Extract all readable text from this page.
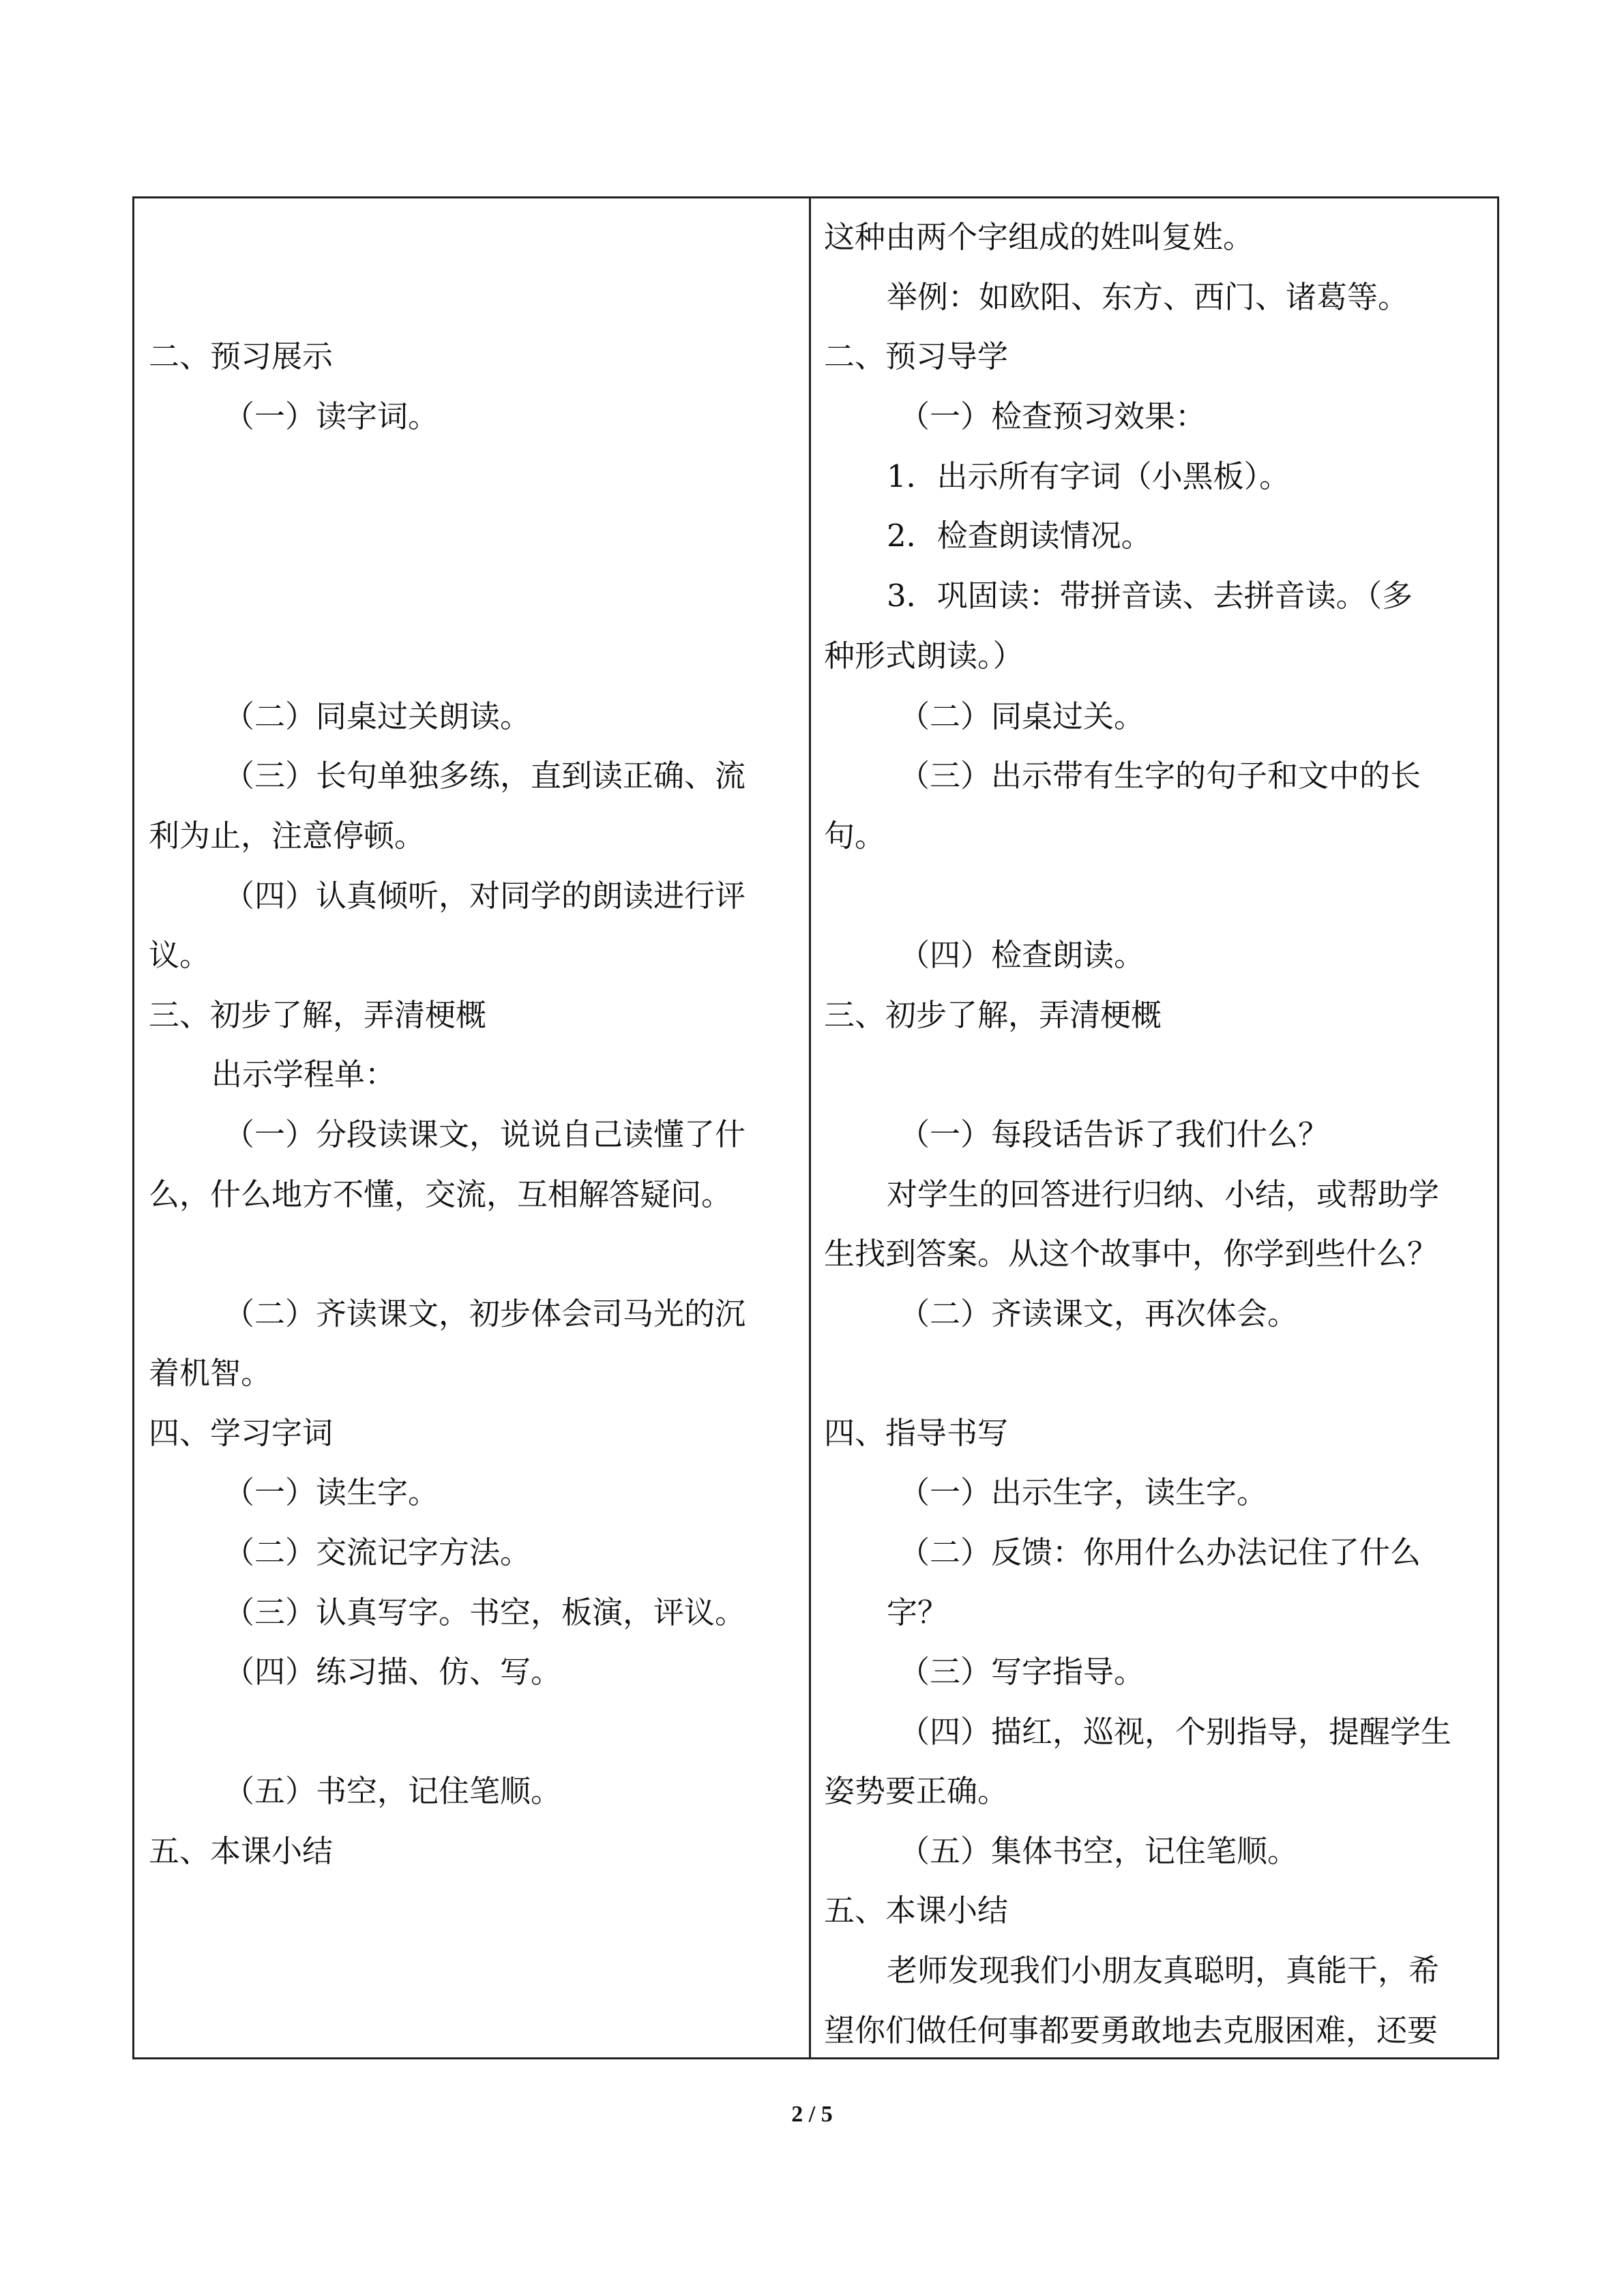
二、预习展示
（一）读字词。
（二）同桌过关朗读。
（三）长句单独多练，直到读正确、流
利为止，注意停顿。
（四）认真倾听，对同学的朗读进行评
议。
三、初步了解，弄清梗概
出示学程单：
（一）分段读课文，说说自己读懂了什
么，什么地方不懂，交流，互相解答疑问。
（二）齐读课文，初步体会司马光的沉
着机智。
四、学习字词
（一）读生字。
（二）交流记字方法。
（三）认真写字。书空，板演，评议。
（四）练习描、仿、写。
（五）书空，记住笔顺。
五、本课小结
这种由两个字组成的姓叫复姓。
举例：如欧阳、东方、西门、诸葛等。
二、预习导学
（一）检查预习效果：
1．出示所有字词（小黑板）。
2．检查朗读情况。
3．巩固读：带拼音读、去拼音读。（多
种形式朗读。）
（二）同桌过关。
（三）出示带有生字的句子和文中的长
句。
（四）检查朗读。
三、初步了解，弄清梗概
（一）每段话告诉了我们什么？
对学生的回答进行归纳、小结，或帮助学
生找到答案。从这个故事中，你学到些什么？
（二）齐读课文，再次体会。
四、指导书写
（一）出示生字，读生字。
（二）反馈：你用什么办法记住了什么
字？
（三）写字指导。
（四）描红，巡视，个别指导，提醒学生
姿势要正确。
（五）集体书空，记住笔顺。
五、本课小结
老师发现我们小朋友真聪明，真能干，希
望你们做任何事都要勇敢地去克服困难，还要
2 / 5
